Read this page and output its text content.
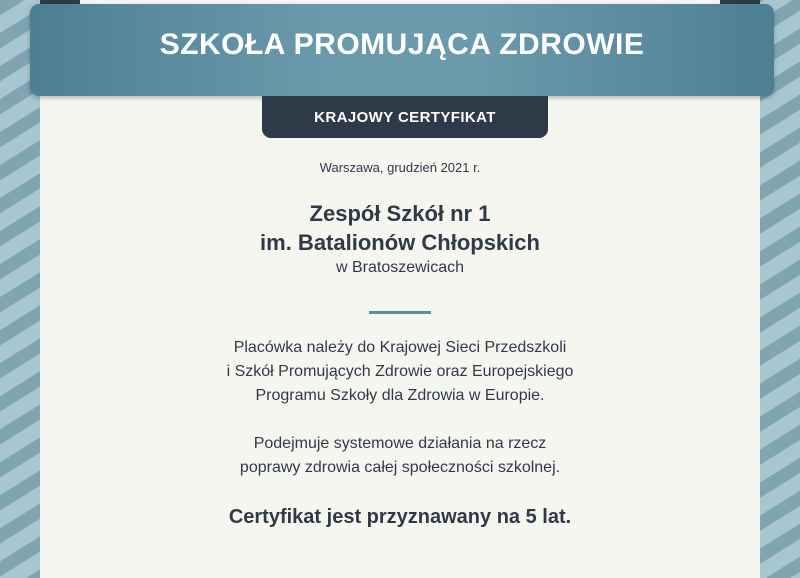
SZKOŁA PROMUJĄCA ZDROWIE
KRAJOWY CERTYFIKAT
Warszawa, grudzień 2021 r.
Zespół Szkół nr 1
im. Batalionów Chłopskich
w Bratoszewicach
Placówka należy do Krajowej Sieci Przedszkoli
i Szkół Promujących Zdrowie oraz Europejskiego
Programu Szkoły dla Zdrowia w Europie.
Podejmuje systemowe działania na rzecz
poprawy zdrowia całej społeczności szkolnej.
Certyfikat jest przyznawany na 5 lat.
